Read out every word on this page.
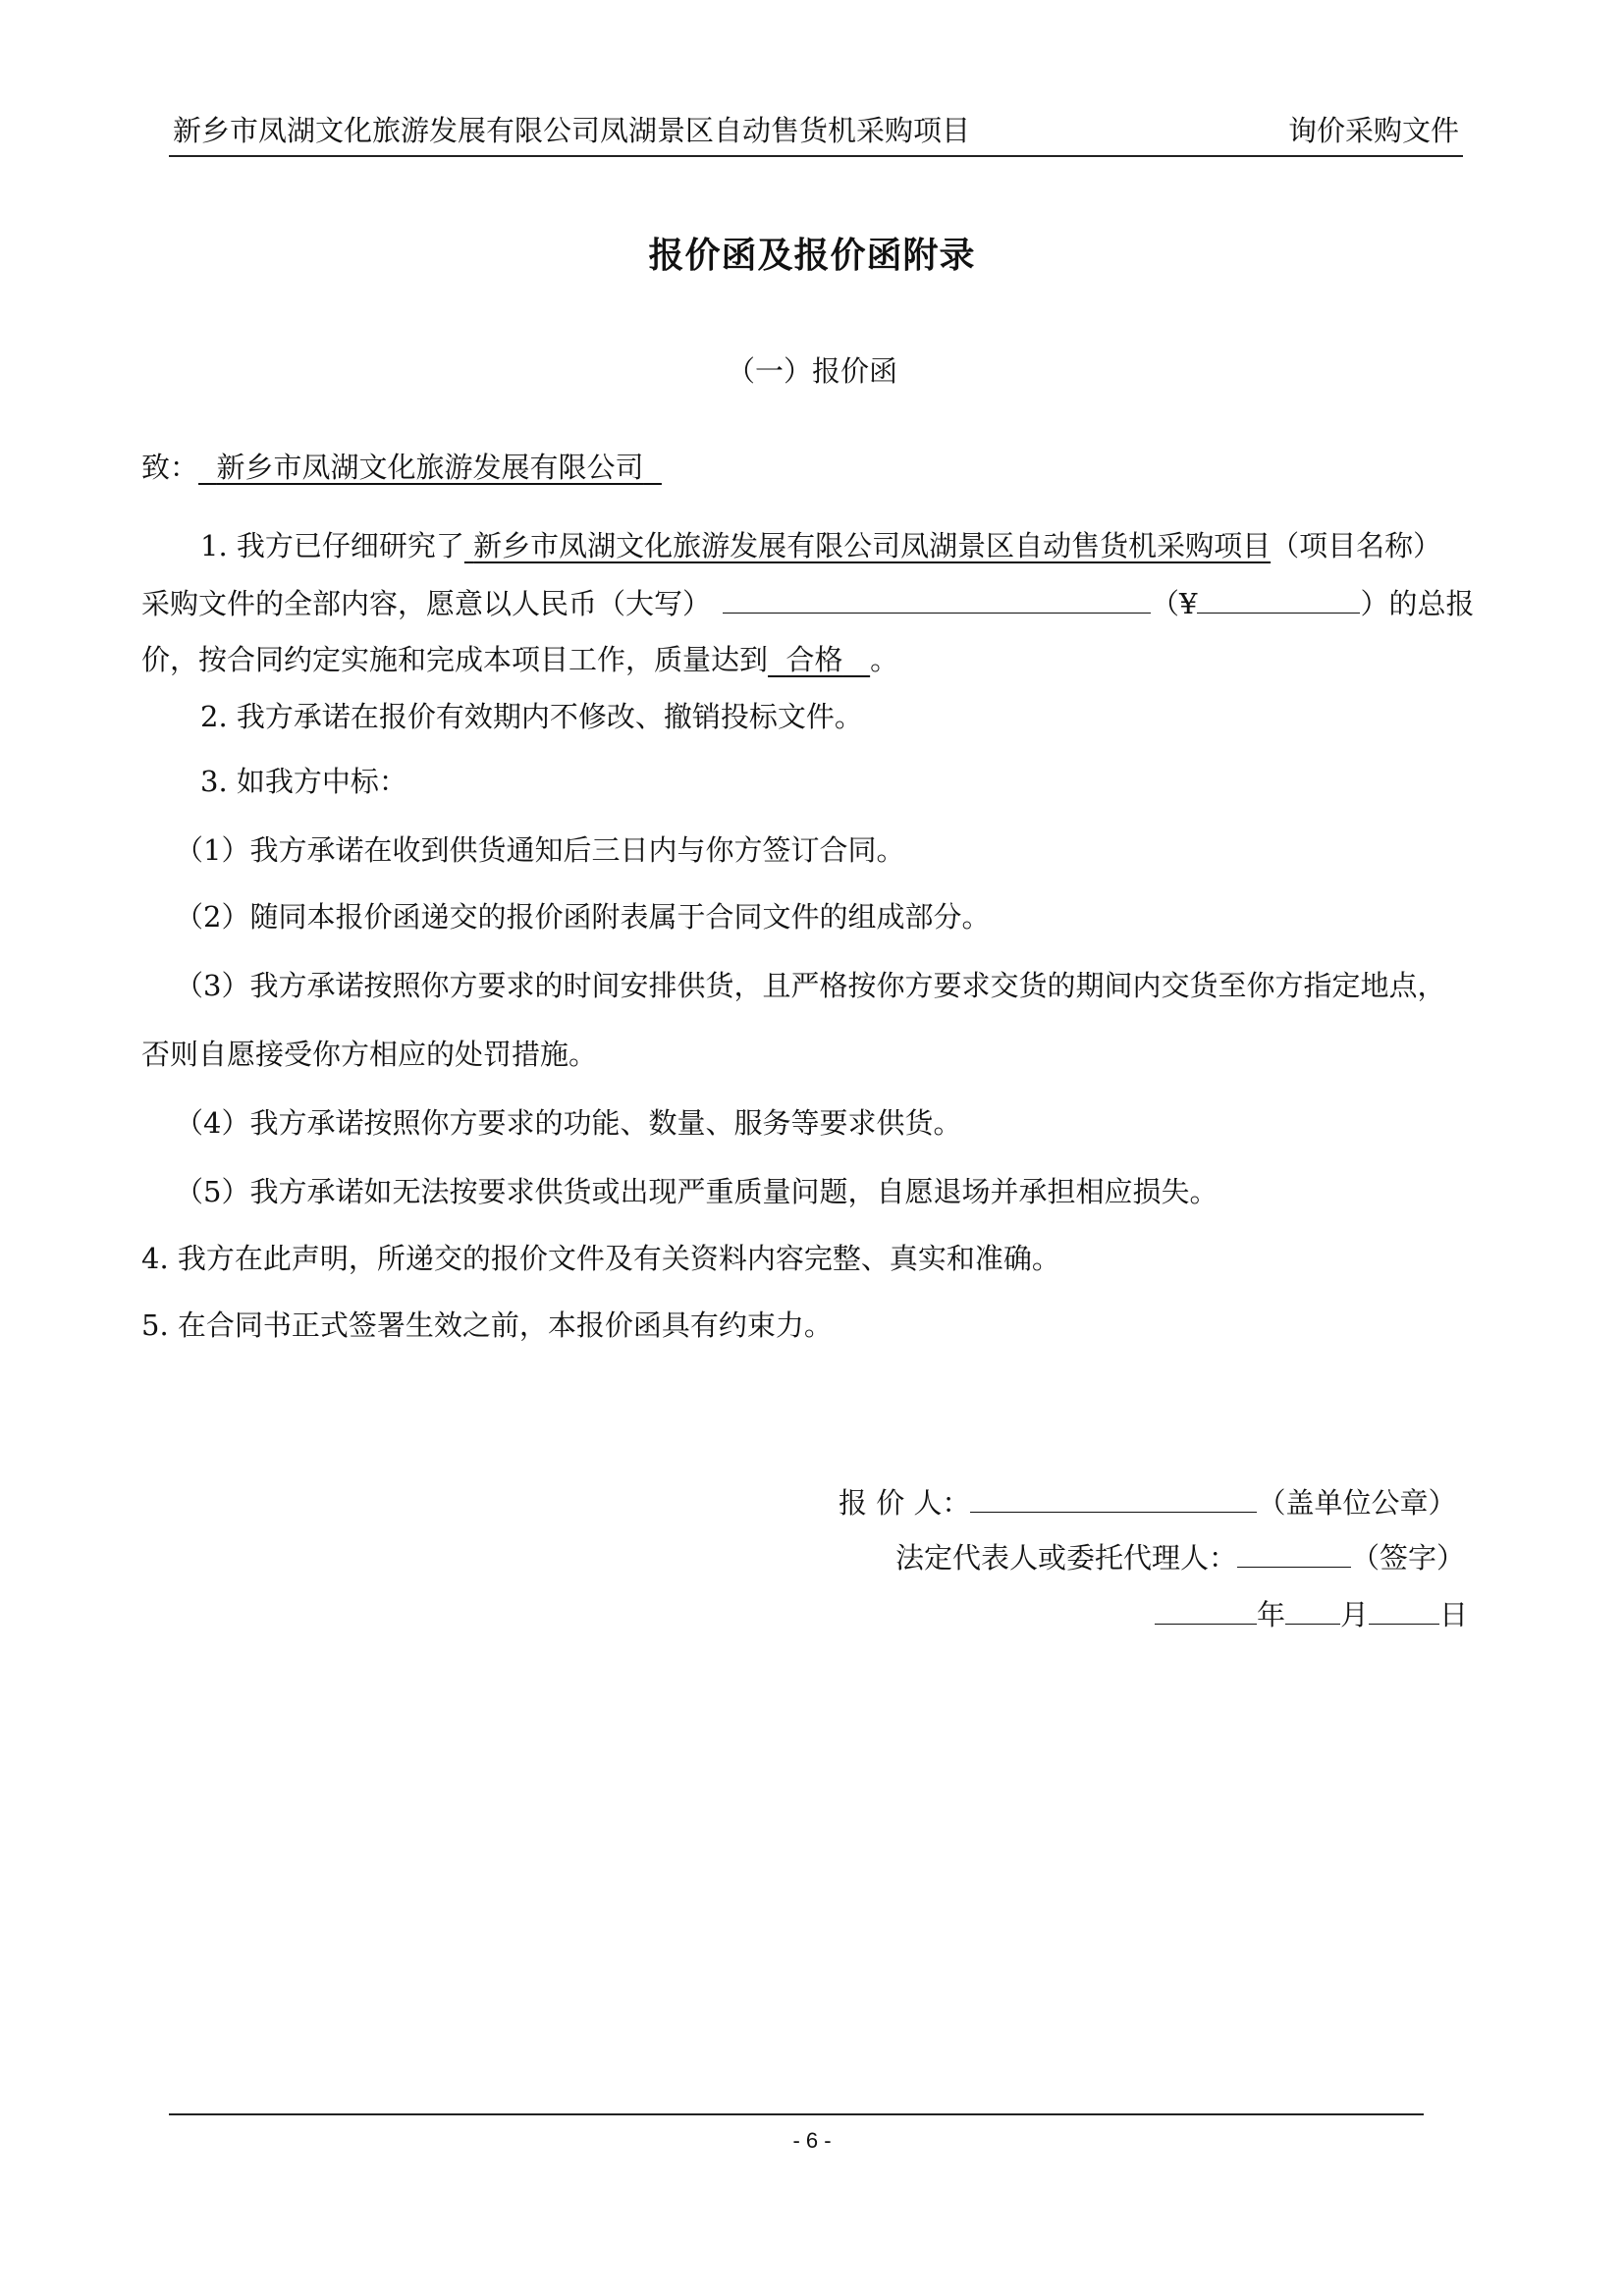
新乡市凤湖文化旅游发展有限公司凤湖景区自动售货机采购项目	询价采购文件
报价函及报价函附录
（一）报价函
致： 新乡市凤湖文化旅游发展有限公司
1. 我方已仔细研究了 新乡市凤湖文化旅游发展有限公司凤湖景区自动售货机采购项目（项目名称）
采购文件的全部内容，愿意以人民币（大写）	（¥	）的总报
价，按合同约定实施和完成本项目工作，质量达到 合格 。
2. 我方承诺在报价有效期内不修改、撤销投标文件。
3. 如我方中标：
（1）我方承诺在收到供货通知后三日内与你方签订合同。
（2）随同本报价函递交的报价函附表属于合同文件的组成部分。
（3）我方承诺按照你方要求的时间安排供货，且严格按你方要求交货的期间内交货至你方指定地点，
否则自愿接受你方相应的处罚措施。
（4）我方承诺按照你方要求的功能、数量、服务等要求供货。
（5）我方承诺如无法按要求供货或出现严重质量问题，自愿退场并承担相应损失。
4. 我方在此声明，所递交的报价文件及有关资料内容完整、真实和准确。
5. 在合同书正式签署生效之前，本报价函具有约束力。
报 价 人：	（盖单位公章）
法定代表人或委托代理人：	（签字）
年 月 日
- 6 -
